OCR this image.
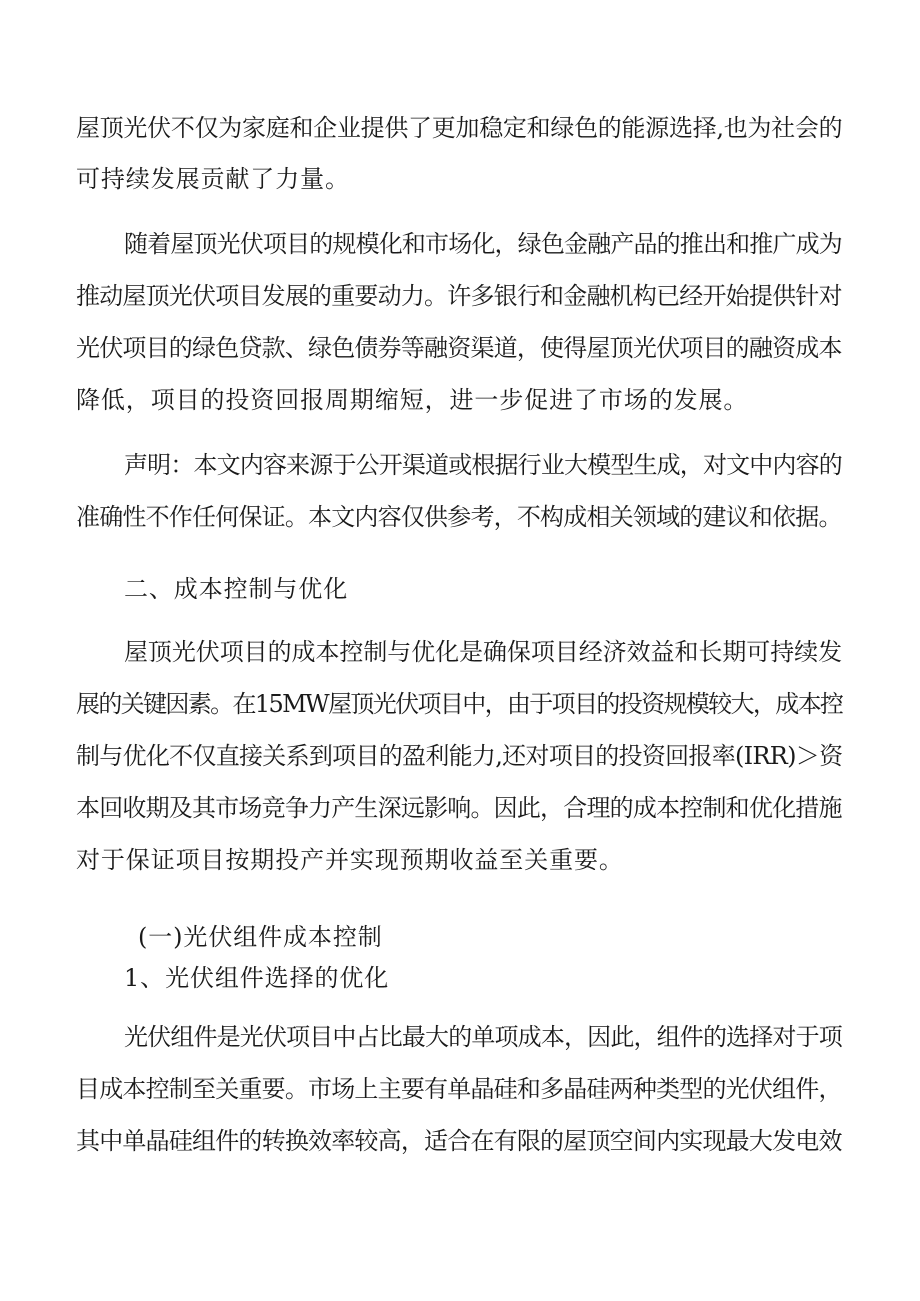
屋顶光伏不仅为家庭和企业提供了更加稳定和绿色的能源选择,也为社会的
可持续发展贡献了力量。
随着屋顶光伏项目的规模化和市场化，绿色金融产品的推出和推广成为
推动屋顶光伏项目发展的重要动力。许多银行和金融机构已经开始提供针对
光伏项目的绿色贷款、绿色债券等融资渠道，使得屋顶光伏项目的融资成本
降低，项目的投资回报周期缩短，进一步促进了市场的发展。
声明：本文内容来源于公开渠道或根据行业大模型生成，对文中内容的
准确性不作任何保证。本文内容仅供参考，不构成相关领域的建议和依据。
二、成本控制与优化
屋顶光伏项目的成本控制与优化是确保项目经济效益和长期可持续发
展的关键因素。在15MW屋顶光伏项目中，由于项目的投资规模较大，成本控
制与优化不仅直接关系到项目的盈利能力,还对项目的投资回报率(IRR)＞资
本回收期及其市场竞争力产生深远影响。因此，合理的成本控制和优化措施
对于保证项目按期投产并实现预期收益至关重要。
(一)光伏组件成本控制
1、光伏组件选择的优化
光伏组件是光伏项目中占比最大的单项成本，因此，组件的选择对于项
目成本控制至关重要。市场上主要有单晶硅和多晶硅两种类型的光伏组件，
其中单晶硅组件的转换效率较高，适合在有限的屋顶空间内实现最大发电效
